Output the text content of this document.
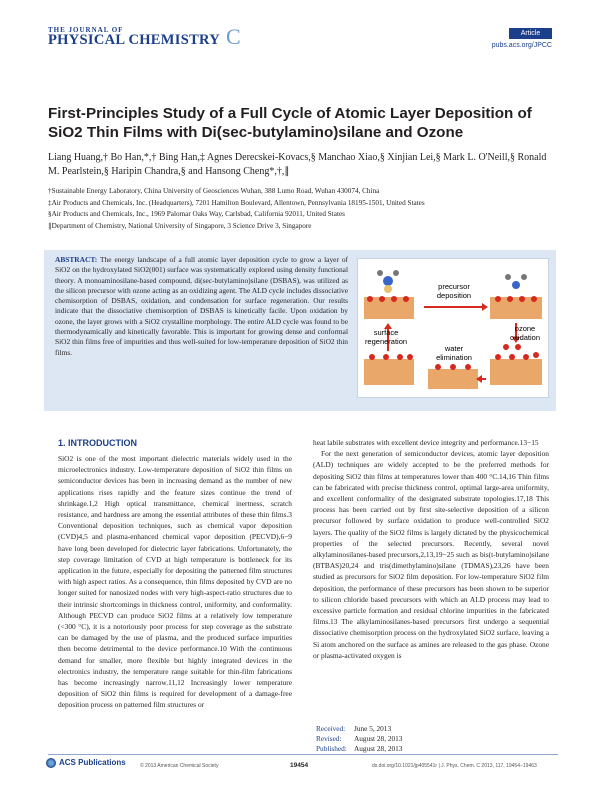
THE JOURNAL OF
PHYSICAL CHEMISTRY C	Article
pubs.acs.org/JPCC
First-Principles Study of a Full Cycle of Atomic Layer Deposition of SiO2 Thin Films with Di(sec-butylamino)silane and Ozone
Liang Huang,† Bo Han,*,† Bing Han,‡ Agnes Derecskei-Kovacs,§ Manchao Xiao,§ Xinjian Lei,§ Mark L. O'Neill,§ Ronald M. Pearlstein,§ Haripin Chandra,§ and Hansong Cheng*,†,∥
†Sustainable Energy Laboratory, China University of Geosciences Wuhan, 388 Lumo Road, Wuhan 430074, China
‡Air Products and Chemicals, Inc. (Headquarters), 7201 Hamilton Boulevard, Allentown, Pennsylvania 18195-1501, United States
§Air Products and Chemicals, Inc., 1969 Palomar Oaks Way, Carlsbad, California 92011, United States
∥Department of Chemistry, National University of Singapore, 3 Science Drive 3, Singapore
ABSTRACT: The energy landscape of a full atomic layer deposition cycle to grow a layer of SiO2 on the hydroxylated SiO2(001) surface was systematically explored using density functional theory. A monoaminosilane-based compound, di(sec-butylamino)silane (DSBAS), was utilized as the silicon precursor with ozone acting as an oxidizing agent. The ALD cycle includes dissociative chemisorption of DSBAS, oxidation, and condensation for surface regeneration. Our results indicate that the dissociative chemisorption of DSBAS is kinetically facile. Upon oxidation by ozone, the layer grows with a SiO2 crystalline morphology. The entire ALD cycle was found to be thermodynamically and kinetically favorable. This is important for growing dense and conformal SiO2 thin films free of impurities and thus well-suited for low-temperature deposition of SiO2 thin films.
precursor
deposition
ozone
oxidation
water
elimination
surface
regeneration
1. INTRODUCTION

SiO2 is one of the most important dielectric materials widely used in the microelectronics industry. Low-temperature deposition of SiO2 thin films on semiconductor devices has been in increasing demand as the number of new applications rises rapidly and the feature sizes continue the trend of shrinkage.1,2 High optical transmittance, chemical inertness, scratch resistance, and hardness are among the essential attributes of these thin films.3 Conventional deposition techniques, such as chemical vapor deposition (CVD)4,5 and plasma-enhanced chemical vapor deposition (PECVD),6−9 have long been developed for dielectric layer fabrications. Unfortunately, the step coverage limitation of CVD at high temperature is bottleneck for its application in the future, especially for depositing the patterned film structures with high aspect ratios. As a consequence, thin films deposited by CVD are no longer suited for nanosized nodes with very high-aspect-ratio structures due to their intrinsic shortcomings in thickness control, uniformity, and conformality. Although PECVD can produce SiO2 films at a relatively low temperature (<300 °C), it is a notoriously poor process for step coverage as the substrate can be damaged by the use of plasma, and the produced surface impurities then become detrimental to the device performance.10 With the continuous demand for smaller, more flexible but highly integrated devices in the electronics industry, the temperature range suitable for thin-film fabrications has become increasingly narrow.11,12 Increasingly lower temperature deposition of SiO2 thin films is required for development of a damage-free deposition process on patterned film structures or

heat labile substrates with excellent device integrity and performance.13−15

For the next generation of semiconductor devices, atomic layer deposition (ALD) techniques are widely accepted to be the preferred methods for depositing SiO2 thin films at temperatures lower than 400 °C.14,16 Thin films can be fabricated with precise thickness control, optimal large-area uniformity, and excellent conformality of the designated substrate topologies.17,18 This process has been carried out by first site-selective deposition of a silicon precursor followed by surface oxidation to produce well-controlled SiO2 layers. The quality of the SiO2 films is largely dictated by the physicochemical properties of the selected precursors. Recently, several novel alkylaminosilanes-based precursors,2,13,19−25 such as bis(t-butylamino)silane (BTBAS)20,24 and tris(dimethylamino)silane (TDMAS),23,26 have been studied as precursors for SiO2 film deposition. For low-temperature SiO2 film deposition, the performance of these precursors has been shown to be superior to silicon chloride based precursors with which an ALD process may lead to excessive particle formation and residual chlorine impurities in the fabricated films.13 The alkylaminosilanes-based precursors first undergo a sequential dissociative chemisorption process on the hydroxylated SiO2 surface, leaving a Si atom anchored on the surface as amines are released to the gas phase. Ozone or plasma-activated oxygen is

Received: June 5, 2013
Revised: August 28, 2013
Published: August 28, 2013
ACS Publications	© 2013 American Chemical Society	19454	dx.doi.org/10.1021/jp405541r | J. Phys. Chem. C 2013, 117, 19454−19463
